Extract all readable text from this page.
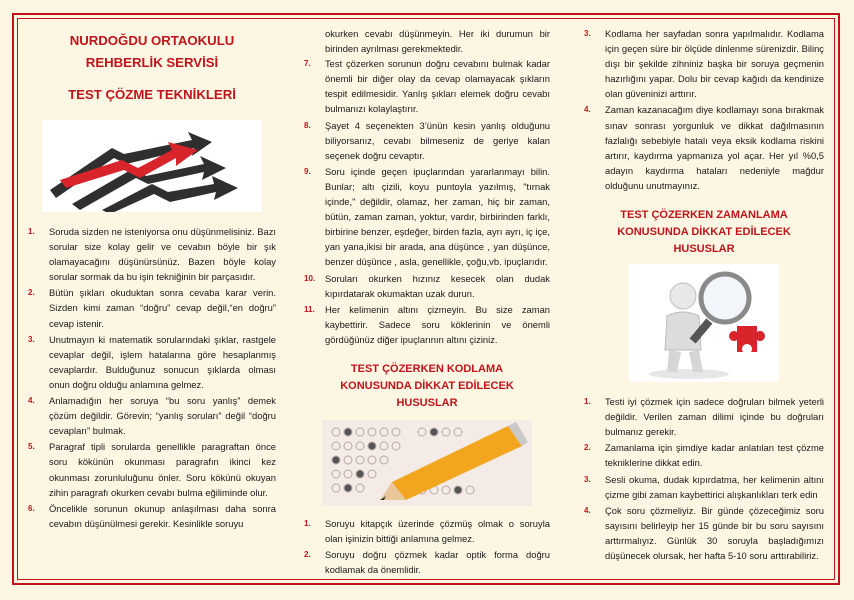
NURDOĞDU ORTAOKULU
REHBERLİK SERVİSİ
TEST ÇÖZME TEKNİKLERİ
1. Soruda sizden ne isteniyorsa onu düşünmelisiniz. Bazı sorular size kolay gelir ve cevabın böyle bir şık olamayacağını düşünürsünüz. Bazen böyle kolay sorular sormak da bu işin tekniğinin bir parçasıdır.
2. Bütün şıkları okuduktan sonra cevaba karar verin. Sizden kimi zaman “doğru” cevap değil,“en doğru” cevap istenir.
3. Unutmayın ki matematik sorularındaki şıklar, rastgele cevaplar değil, işlem hatalarına göre hesaplanmış cevaplardır. Bulduğunuz sonucun şıklarda olması onun doğru olduğu anlamına gelmez.
4. Anlamadığın her soruya “bu soru yanlış” demek çözüm değildir. Görevin; “yanlış soruları” değil “doğru cevapları” bulmak.
5. Paragraf tipli sorularda genellikle paragraftan önce soru kökünün okunması paragrafın ikinci kez okunması zorunluluğunu önler. Soru kökünü okuyan zihin paragrafı okurken cevabı bulma eğiliminde olur.
6. Öncelikle sorunun okunup anlaşılması daha sonra cevabın düşünülmesi gerekir. Kesinlikle soruyu

okurken cevabı düşünmeyin. Her iki durumun bir birinden ayrılması gerekmektedir.

7. Test çözerken sorunun doğru cevabını bulmak kadar önemli bir diğer olay da cevap olamayacak şıkların tespit edilmesidir. Yanlış şıkları elemek doğru cevabı bulmanızı kolaylaştırır.
8. Şayet 4 seçenekten 3’ünün kesin yanlış olduğunu biliyorsanız, cevabı bilmeseniz de geriye kalan seçenek doğru cevaptır.
9. Soru içinde geçen ipuçlarından yararlanmayı bilin. Bunlar; altı çizili, koyu puntoyla yazılmış, "tırnak içinde," değildir, olamaz, her zaman, hiç bir zaman, bütün, zaman zaman, yoktur, vardır, birbirinden farklı, birbirine benzer, eşdeğer, birden fazla, ayrı ayrı, iç içe, yan yana,ikisi bir arada, ana düşünce , yan düşünce, benzer düşünce , asla, genellikle, çoğu,vb. ipuçlarıdır.
10. Soruları okurken hızınız kesecek olan dudak kıpırdatarak okumaktan uzak durun.
11. Her kelimenin altını çizmeyin. Bu size zaman kaybettirir. Sadece soru köklerinin ve önemli gördüğünüz diğer ipuçlarının altını çiziniz.
TEST ÇÖZERKEN KODLAMA KONUSUNDA DİKKAT EDİLECEK HUSUSLAR
1. Soruyu kitapçık üzerinde çözmüş olmak o soruyla olan işinizin bittiği anlamına gelmez.
2. Soruyu doğru çözmek kadar optik forma doğru kodlamak da önemlidir.
3. Kodlama her sayfadan sonra yapılmalıdır. Kodlama için geçen süre bir ölçüde dinlenme sürenizdir. Bilinç dışı bir şekilde zihniniz başka bir soruya geçmenin hazırlığını yapar. Dolu bir cevap kağıdı da kendinize olan güveninizi arttırır.
4. Zaman kazanacağım diye kodlamayı sona bırakmak sınav sonrası yorgunluk ve dikkat dağılmasının fazlalığı sebebiyle hatalı veya eksik kodlama riskini artırır, kaydırma yapmanıza yol açar. Her yıl %0,5 adayın kaydırma hataları nedeniyle mağdur olduğunu unutmayınız.
TEST ÇÖZERKEN ZAMANLAMA KONUSUNDA DİKKAT EDİLECEK HUSUSLAR
1. Testi iyi çözmek için sadece doğruları bilmek yeterli değildir. Verilen zaman dilimi içinde bu doğruları bulmanız gerekir.
2. Zamanlama için şimdiye kadar anlatılan test çözme tekniklerine dikkat edin.
3. Sesli okuma, dudak kıpırdatma, her kelimenin altını çizme gibi zaman kaybettirici alışkanlıkları terk edin
4. Çok soru çözmeliyiz. Bir günde çözeceğimiz soru sayısını belirleyip her 15 günde bir bu soru sayısını arttırmalıyız. Günlük 30 soruyla başladığımızı düşünecek olursak, her hafta 5-10 soru arttırabiliriz.
